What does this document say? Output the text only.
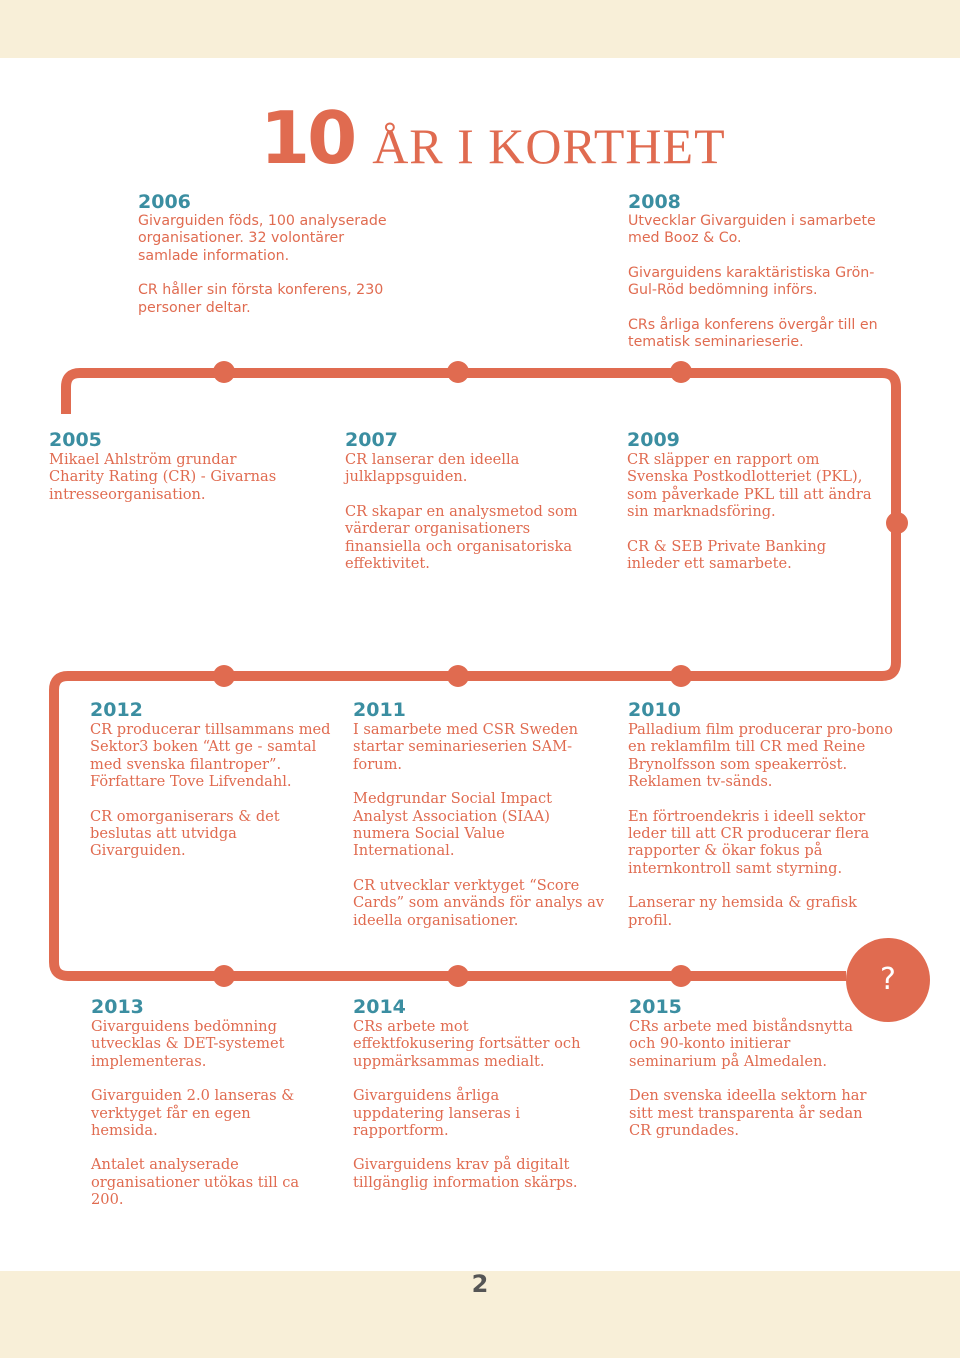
10 ÅR I KORTHET
?
2006

Givarguiden föds, 100 analyserade organisationer. 32 volontärer samlade information.

CR håller sin första konferens, 230 personer deltar.

2008

Utvecklar Givarguiden i samarbete med Booz & Co.

Givarguidens karaktäristiska Grön-Gul-Röd bedömning införs.

CRs årliga konferens övergår till en tematisk seminarieserie.

2005

Mikael Ahlström grundar Charity Rating (CR) - Givarnas intresseorganisation.

2007

CR lanserar den ideella julklappsguiden.

CR skapar en analysmetod som värderar organisationers finansiella och organisatoriska effektivitet.

2009

CR släpper en rapport om Svenska Postkodlotteriet (PKL), som påverkade PKL till att ändra sin marknadsföring.

CR & SEB Private Banking inleder ett samarbete.

2012

CR producerar tillsammans med Sektor3 boken “Att ge - samtal med svenska filantroper”. Författare Tove Lifvendahl.

CR omorganiserars & det beslutas att utvidga Givarguiden.

2011

I samarbete med CSR Sweden startar seminarieserien SAM-forum.

Medgrundar Social Impact Analyst Association (SIAA) numera Social Value International.

CR utvecklar verktyget “Score Cards” som används för analys av ideella organisationer.

2010

Palladium film producerar pro-bono en reklamfilm till CR med Reine Brynolfsson som speakerröst. Reklamen tv-sänds.

En förtroendekris i ideell sektor leder till att CR producerar flera rapporter & ökar fokus på internkontroll samt styrning.

Lanserar ny hemsida & grafisk profil.

2013

Givarguidens bedömning utvecklas & DET-systemet implementeras.

Givarguiden 2.0 lanseras & verktyget får en egen hemsida.

Antalet analyserade organisationer utökas till ca 200.

2014

CRs arbete mot effektfokusering fortsätter och uppmärksammas medialt.

Givarguidens årliga uppdatering lanseras i rapportform.

Givarguidens krav på digitalt tillgänglig information skärps.

2015

CRs arbete med biståndsnytta och 90-konto initierar seminarium på Almedalen.

Den svenska ideella sektorn har sitt mest transparenta år sedan CR grundades.

2
